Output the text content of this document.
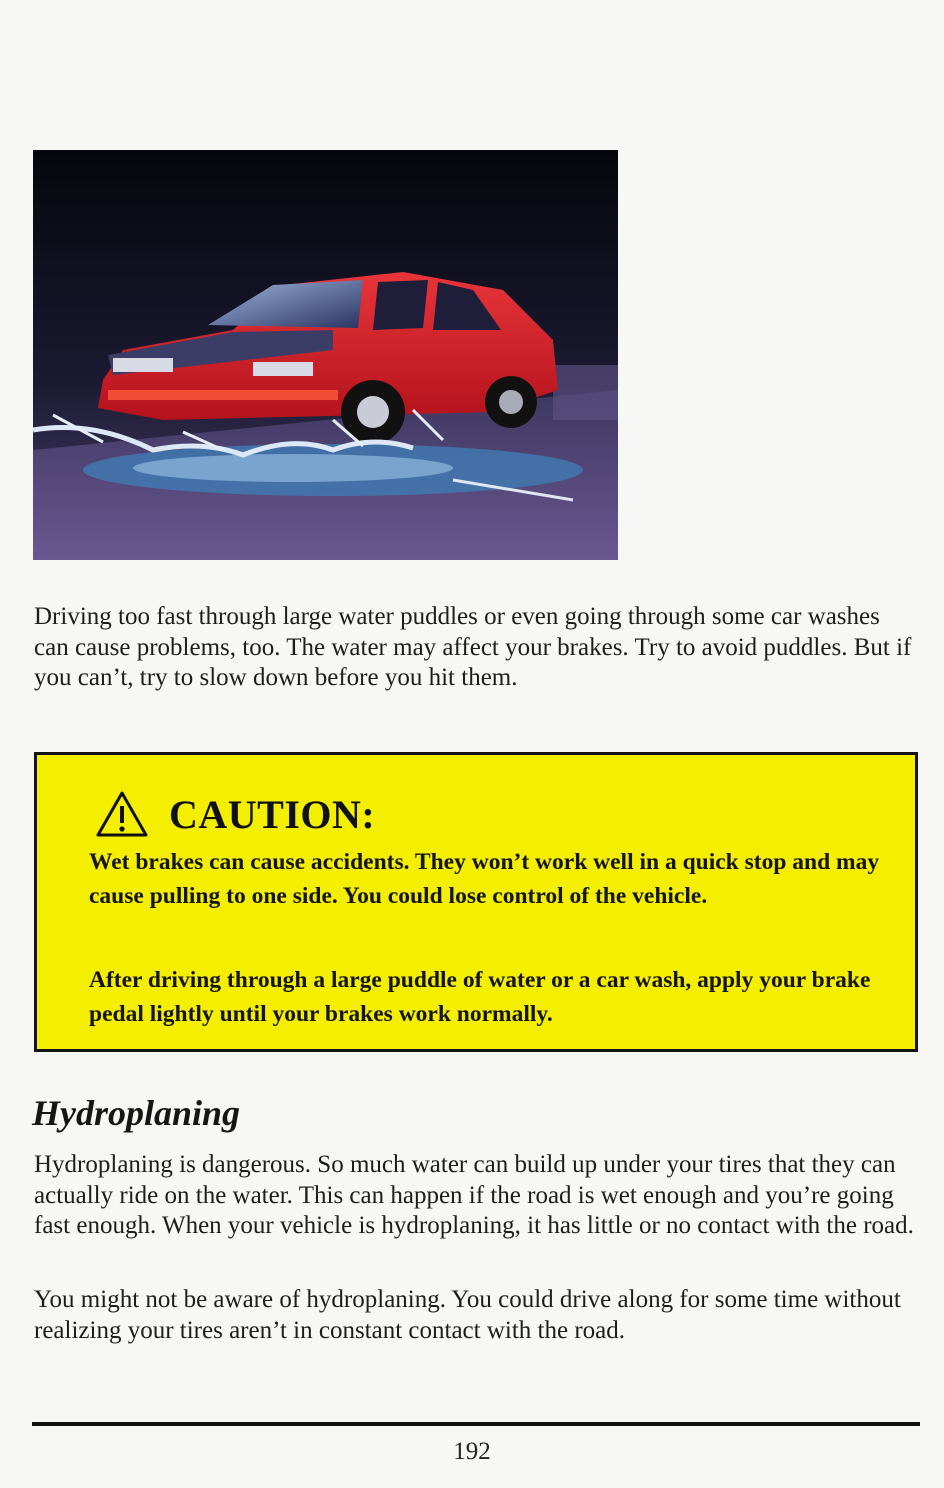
Driving too fast through large water puddles or even going through some car washes can cause problems, too. The water may affect your brakes. Try to avoid puddles. But if you can’t, try to slow down before you hit them.

CAUTION:

Wet brakes can cause accidents. They won’t work well in a quick stop and may cause pulling to one side. You could lose control of the vehicle.

After driving through a large puddle of water or a car wash, apply your brake pedal lightly until your brakes work normally.

Hydroplaning

Hydroplaning is dangerous. So much water can build up under your tires that they can actually ride on the water. This can happen if the road is wet enough and you’re going fast enough. When your vehicle is hydroplaning, it has little or no contact with the road.

You might not be aware of hydroplaning. You could drive along for some time without realizing your tires aren’t in constant contact with the road.

192
